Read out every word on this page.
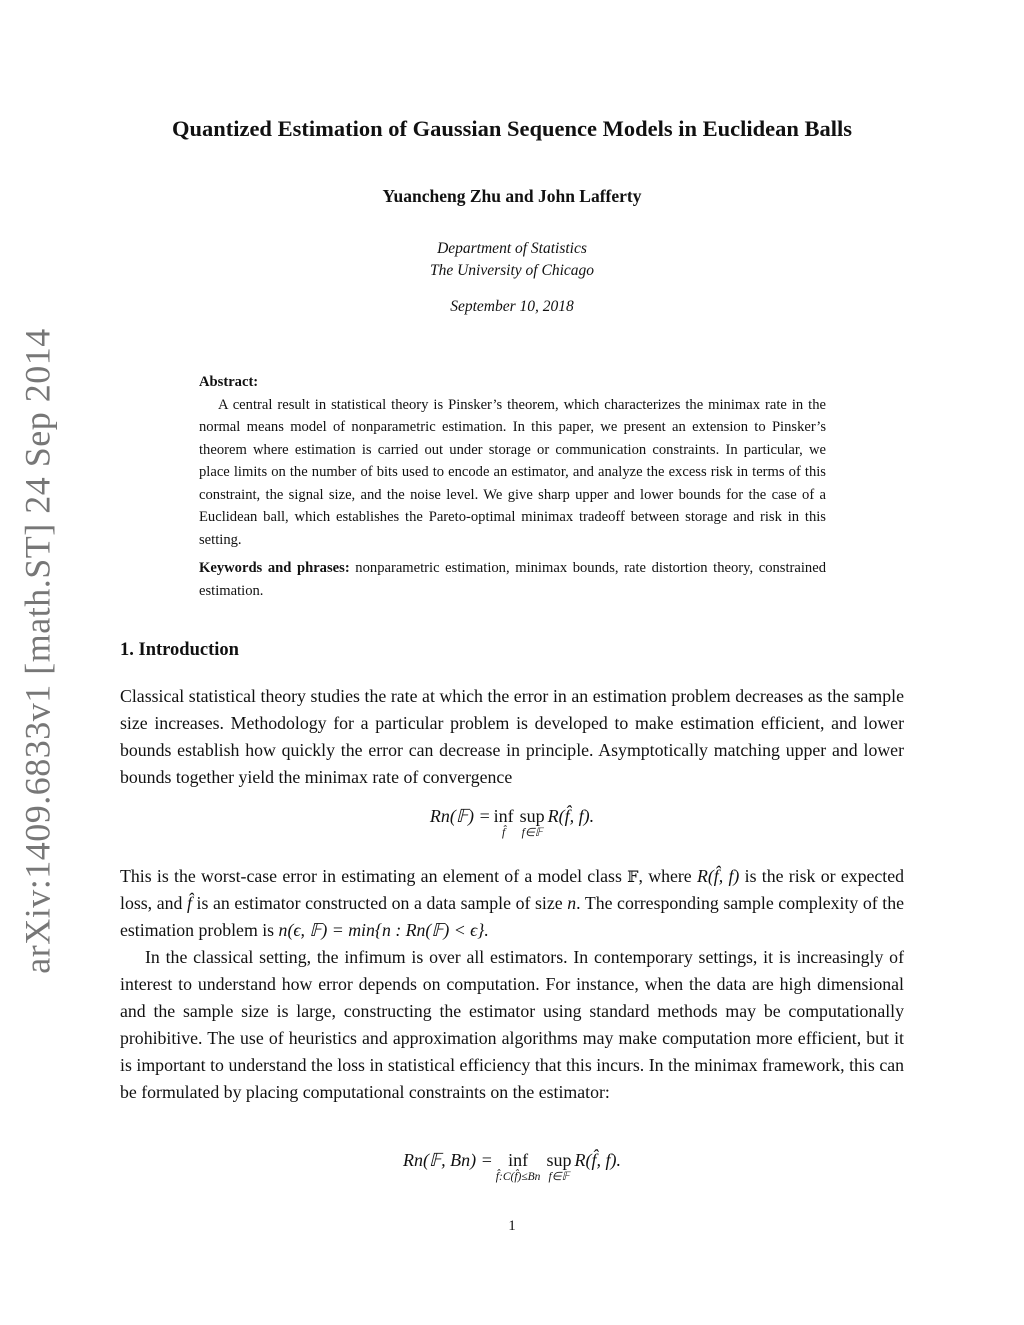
arXiv:1409.6833v1 [math.ST] 24 Sep 2014
Quantized Estimation of Gaussian Sequence Models in Euclidean Balls

Yuancheng Zhu and John Lafferty

Department of Statistics

The University of Chicago

September 10, 2018

Abstract:

A central result in statistical theory is Pinsker’s theorem, which characterizes the minimax rate in the normal means model of nonparametric estimation. In this paper, we present an extension to Pinsker’s theorem where estimation is carried out under storage or communication constraints. In particular, we place limits on the number of bits used to encode an estimator, and analyze the excess risk in terms of this constraint, the signal size, and the noise level. We give sharp upper and lower bounds for the case of a Euclidean ball, which establishes the Pareto-optimal minimax tradeoff between storage and risk in this setting.

Keywords and phrases: nonparametric estimation, minimax bounds, rate distortion theory, constrained estimation.

1. Introduction

Classical statistical theory studies the rate at which the error in an estimation problem decreases as the sample size increases. Methodology for a particular problem is developed to make estimation efficient, and lower bounds establish how quickly the error can decrease in principle. Asymptotically matching upper and lower bounds together yield the minimax rate of convergence

Rn(𝔽) = inf
f̂
sup
f∈𝔽
R(f̂, f).

This is the worst-case error in estimating an element of a model class 𝔽, where R(f̂, f) is the risk or expected loss, and f̂ is an estimator constructed on a data sample of size n. The corresponding sample complexity of the estimation problem is n(ϵ, 𝔽) = min{n : Rn(𝔽) < ϵ}.

In the classical setting, the infimum is over all estimators. In contemporary settings, it is increasingly of interest to understand how error depends on computation. For instance, when the data are high dimensional and the sample size is large, constructing the estimator using standard methods may be computationally prohibitive. The use of heuristics and approximation algorithms may make computation more efficient, but it is important to understand the loss in statistical efficiency that this incurs. In the minimax framework, this can be formulated by placing computational constraints on the estimator:

Rn(𝔽, Bn) = inf
f̂:C(f̂)≤Bn
sup
f∈𝔽
R(f̂, f).
1
